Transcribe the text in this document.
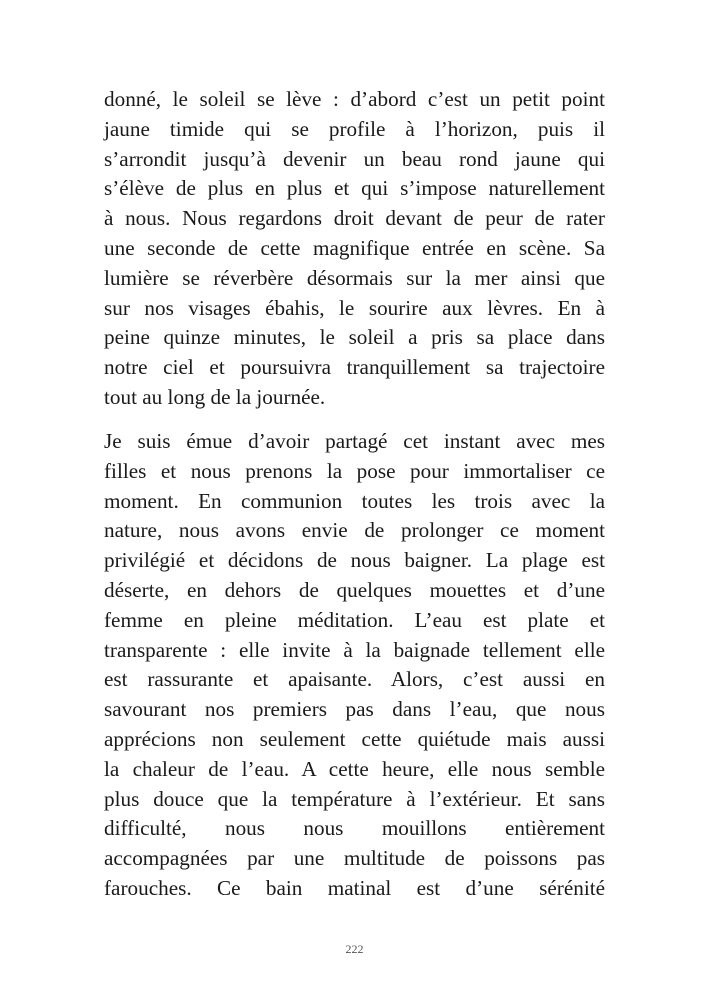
donné, le soleil se lève : d’abord c’est un petit point
jaune timide qui se profile à l’horizon, puis il
s’arrondit jusqu’à devenir un beau rond jaune qui
s’élève de plus en plus et qui s’impose naturellement
à nous. Nous regardons droit devant de peur de rater
une seconde de cette magnifique entrée en scène. Sa
lumière se réverbère désormais sur la mer ainsi que
sur nos visages ébahis, le sourire aux lèvres. En à
peine quinze minutes, le soleil a pris sa place dans
notre ciel et poursuivra tranquillement sa trajectoire
tout au long de la journée.
Je suis émue d’avoir partagé cet instant avec mes
filles et nous prenons la pose pour immortaliser ce
moment. En communion toutes les trois avec la
nature, nous avons envie de prolonger ce moment
privilégié et décidons de nous baigner. La plage est
déserte, en dehors de quelques mouettes et d’une
femme en pleine méditation. L’eau est plate et
transparente : elle invite à la baignade tellement elle
est rassurante et apaisante. Alors, c’est aussi en
savourant nos premiers pas dans l’eau, que nous
apprécions non seulement cette quiétude mais aussi
la chaleur de l’eau. A cette heure, elle nous semble
plus douce que la température à l’extérieur. Et sans
difficulté, nous nous mouillons entièrement
accompagnées par une multitude de poissons pas
farouches. Ce bain matinal est d’une sérénité
222
